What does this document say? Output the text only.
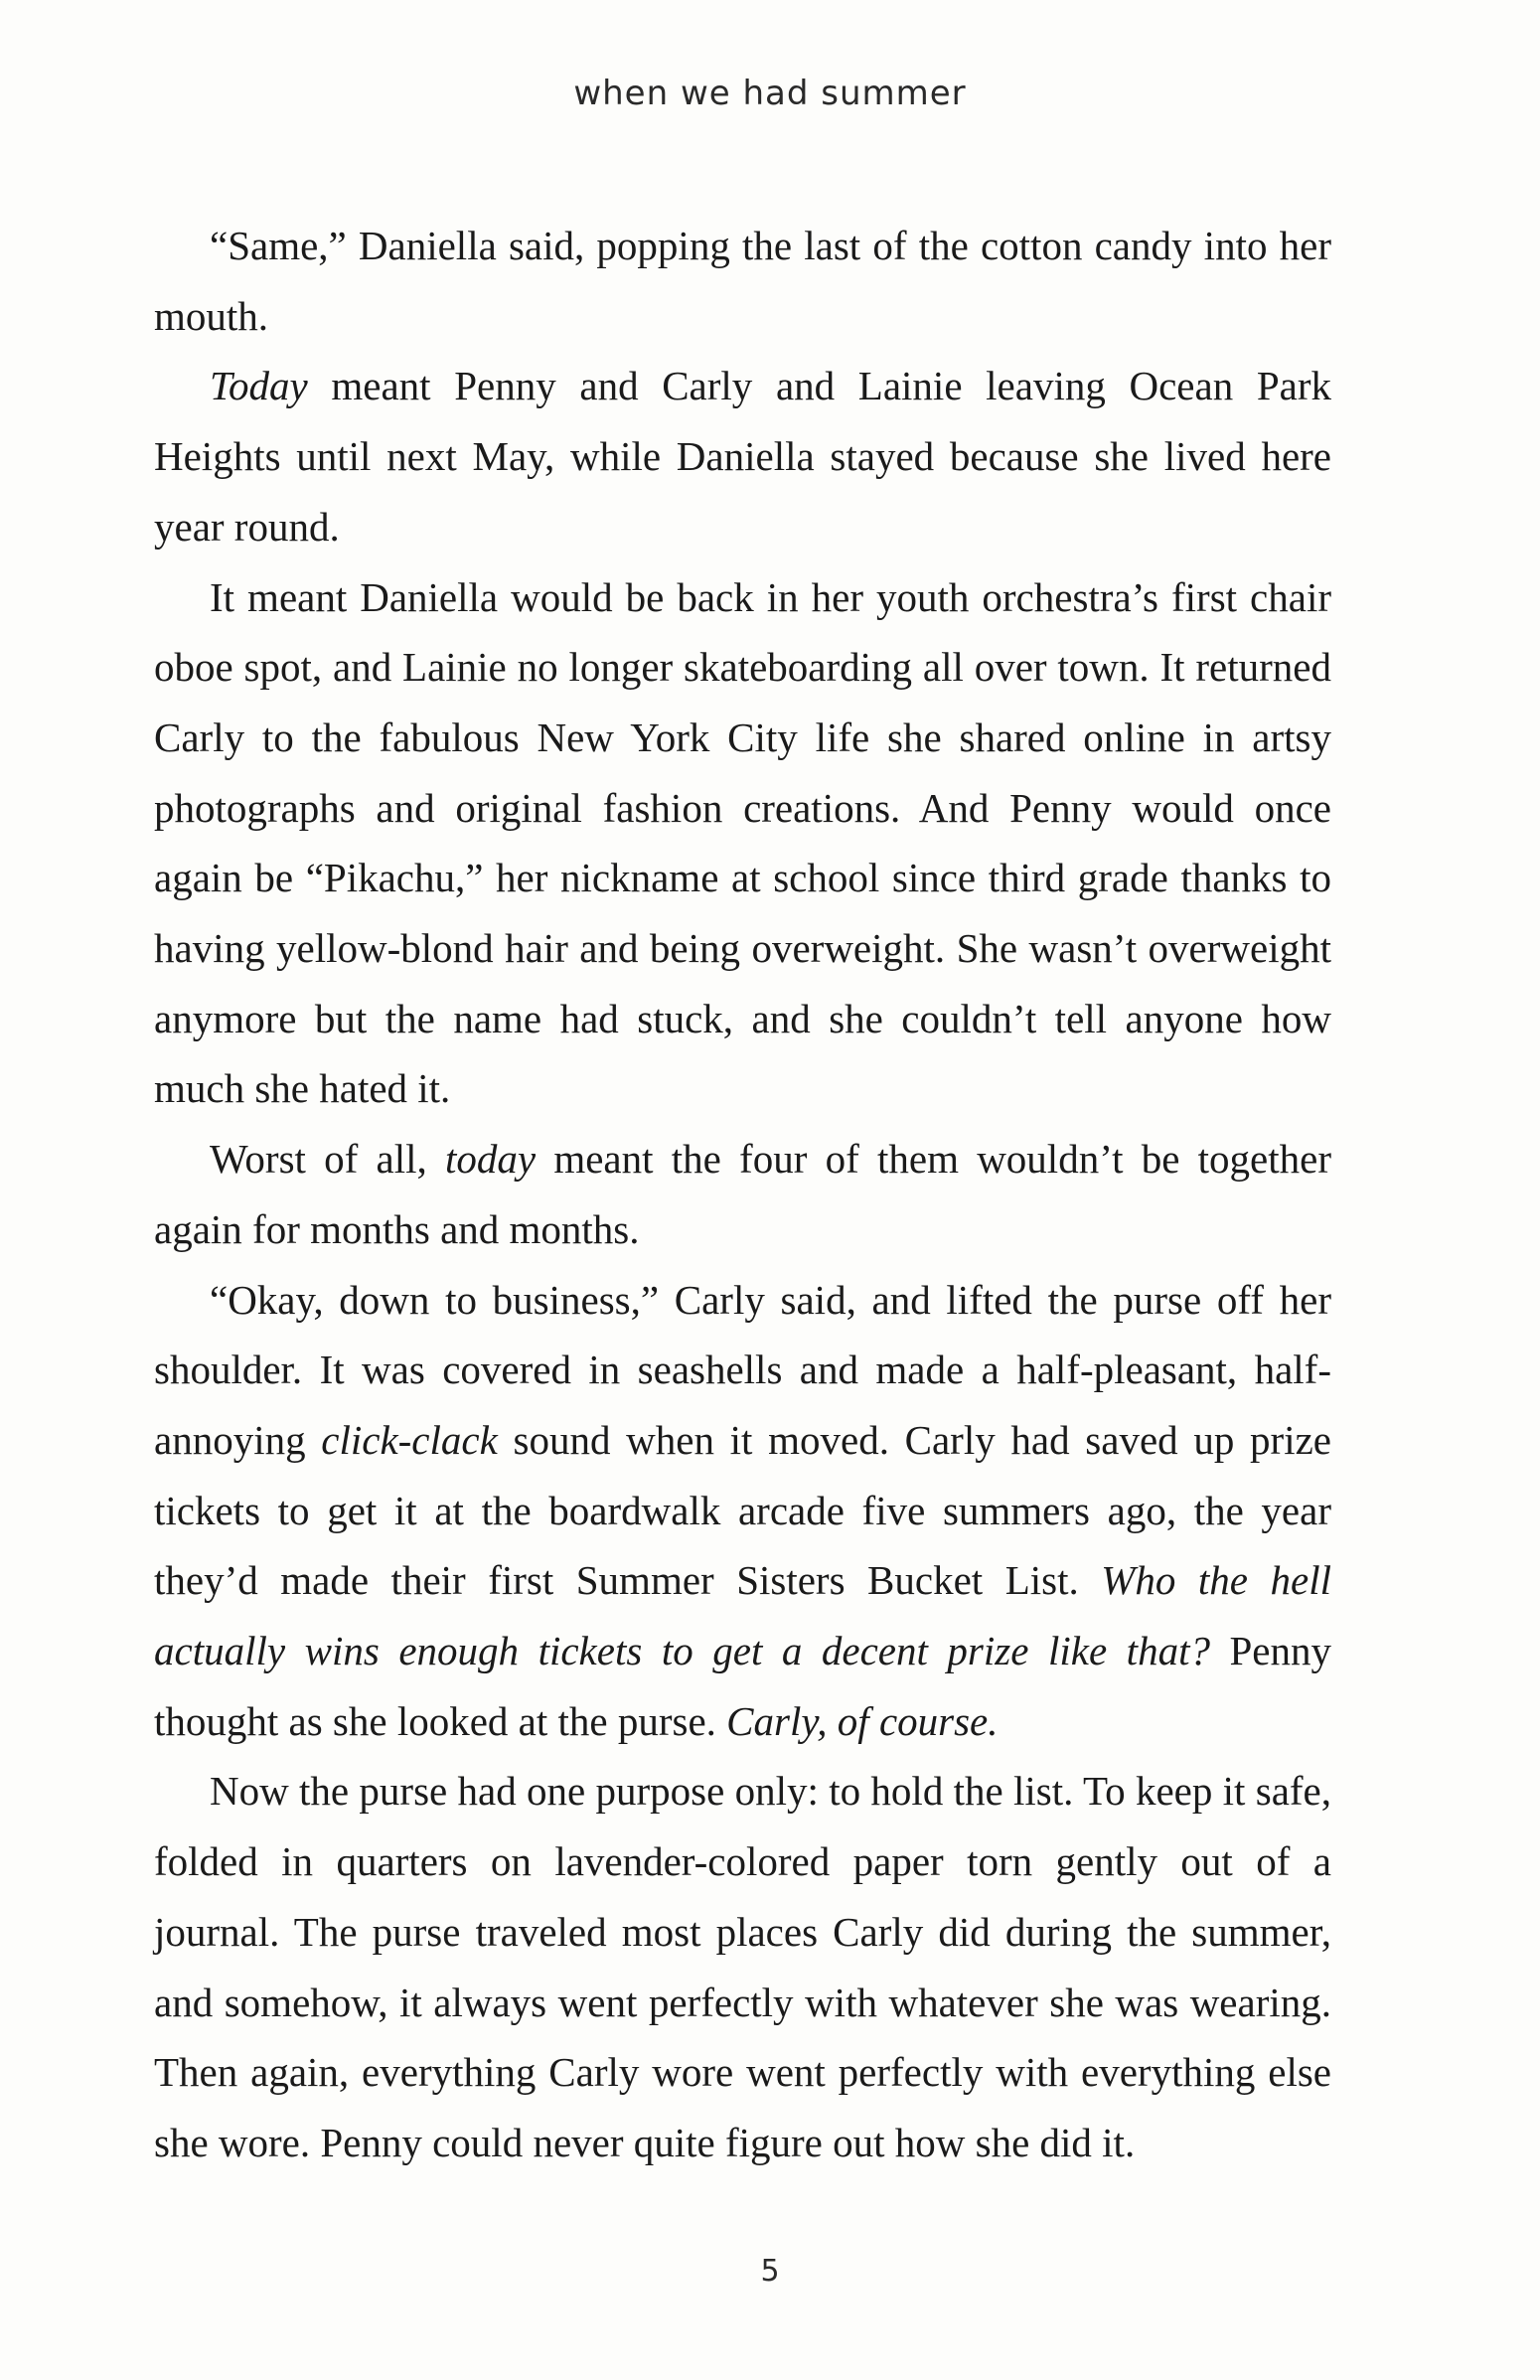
when we had summer

“Same,” Daniella said, popping the last of the cotton candy into her mouth.

Today meant Penny and Carly and Lainie leaving Ocean Park Heights until next May, while Daniella stayed because she lived here year round.

It meant Daniella would be back in her youth orchestra’s first chair oboe spot, and Lainie no longer skateboarding all over town. It returned Carly to the fabulous New York City life she shared online in artsy photographs and original fashion creations. And Penny would once again be “Pikachu,” her nickname at school since third grade thanks to having yellow-blond hair and being overweight. She wasn’t overweight anymore but the name had stuck, and she couldn’t tell anyone how much she hated it.

Worst of all, today meant the four of them wouldn’t be together again for months and months.

“Okay, down to business,” Carly said, and lifted the purse off her shoulder. It was covered in seashells and made a half-pleasant, half-annoying click-clack sound when it moved. Carly had saved up prize tickets to get it at the boardwalk arcade five summers ago, the year they’d made their first Summer Sisters Bucket List. Who the hell actually wins enough tickets to get a decent prize like that? Penny thought as she looked at the purse. Carly, of course.

Now the purse had one purpose only: to hold the list. To keep it safe, folded in quarters on lavender-colored paper torn gently out of a journal. The purse traveled most places Carly did during the summer, and somehow, it always went perfectly with whatever she was wearing. Then again, everything Carly wore went perfectly with everything else she wore. Penny could never quite figure out how she did it.

5
